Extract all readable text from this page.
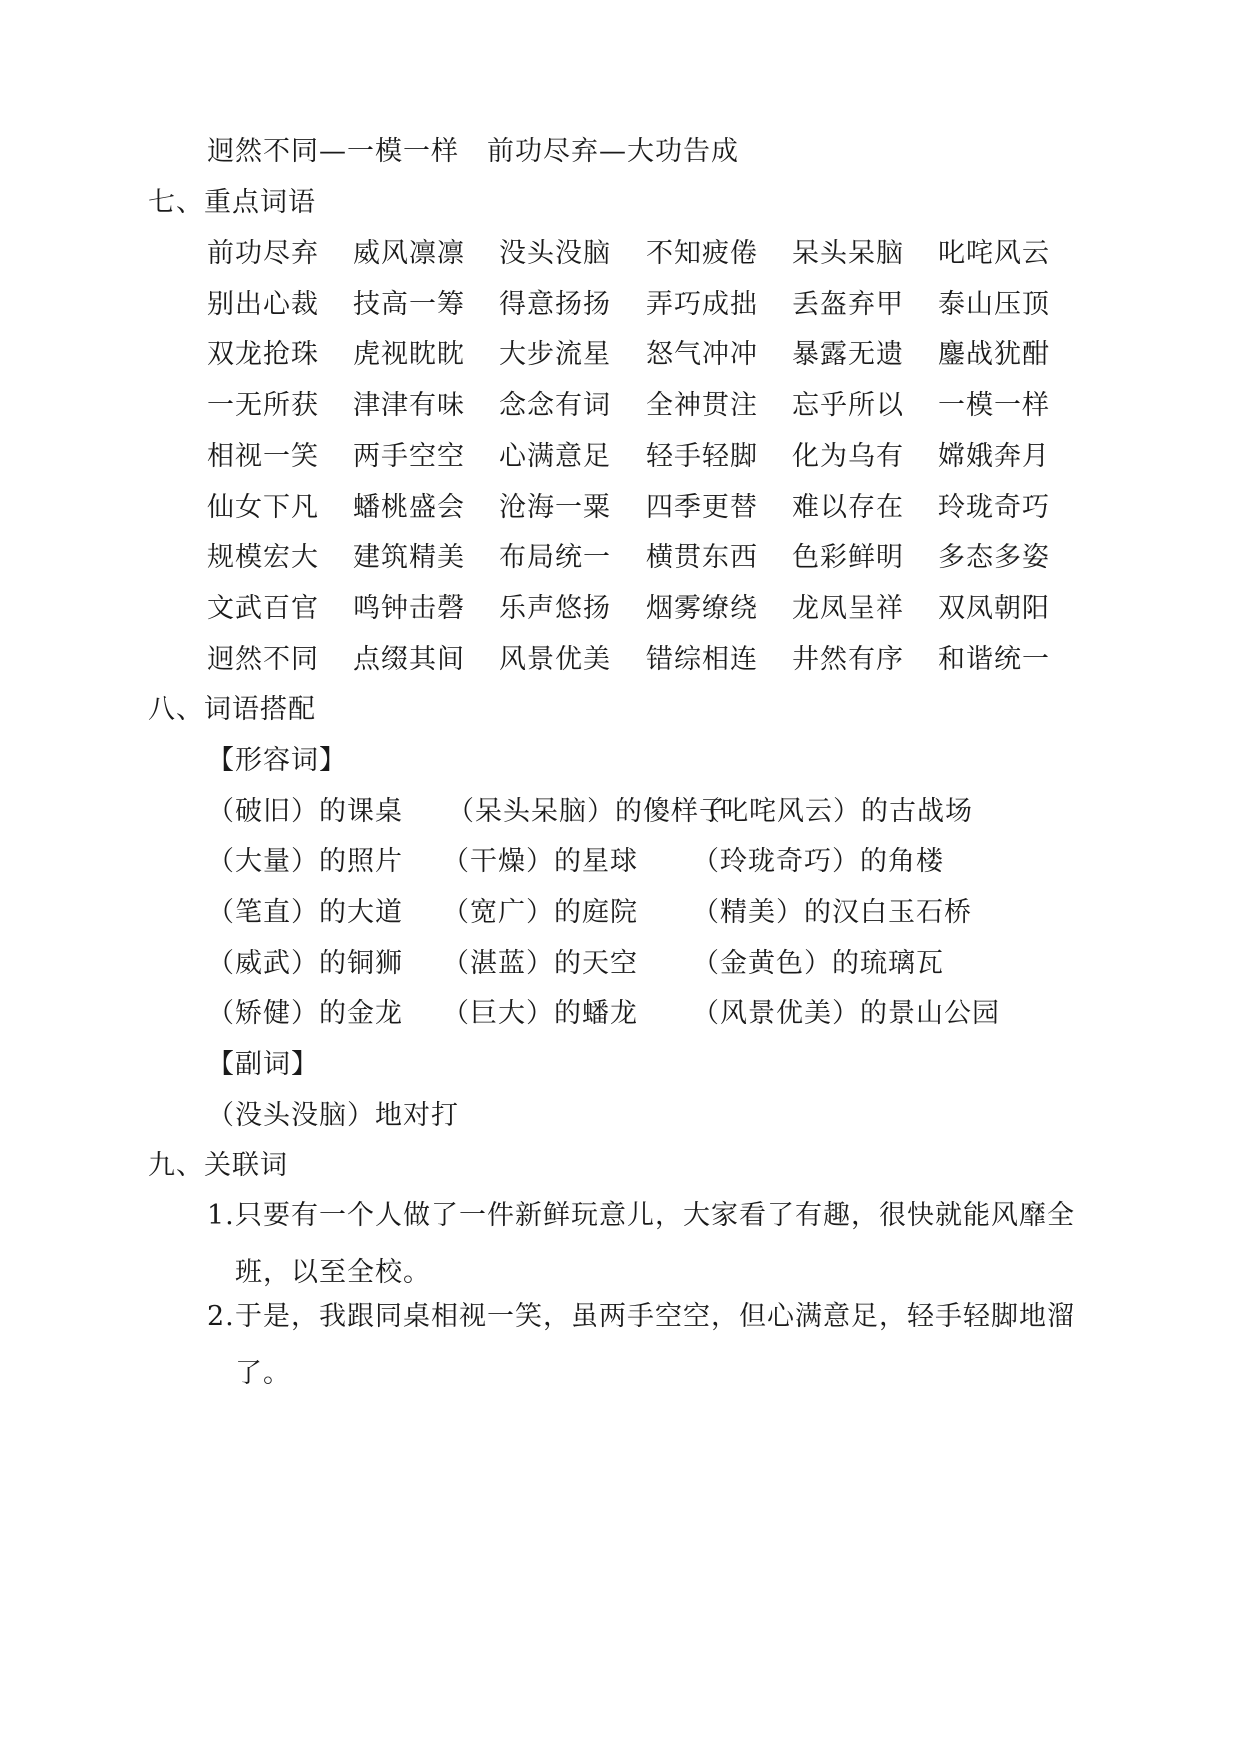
迥然不同—一模一样　前功尽弃—大功告成
七、重点词语
前功尽弃 威风凛凛 没头没脑 不知疲倦 呆头呆脑 叱咤风云
别出心裁 技高一筹 得意扬扬 弄巧成拙 丢盔弃甲 泰山压顶
双龙抢珠 虎视眈眈 大步流星 怒气冲冲 暴露无遗 鏖战犹酣
一无所获 津津有味 念念有词 全神贯注 忘乎所以 一模一样
相视一笑 两手空空 心满意足 轻手轻脚 化为乌有 嫦娥奔月
仙女下凡 蟠桃盛会 沧海一粟 四季更替 难以存在 玲珑奇巧
规模宏大 建筑精美 布局统一 横贯东西 色彩鲜明 多态多姿
文武百官 鸣钟击磬 乐声悠扬 烟雾缭绕 龙凤呈祥 双凤朝阳
迥然不同 点缀其间 风景优美 错综相连 井然有序 和谐统一
八、词语搭配
【形容词】
（破旧）的课桌 （呆头呆脑）的傻样子
（叱咤风云）的古战场
（大量）的照片 （干燥）的星球 （玲珑奇巧）的角楼
（笔直）的大道 （宽广）的庭院 （精美）的汉白玉石桥
（威武）的铜狮 （湛蓝）的天空 （金黄色）的琉璃瓦
（矫健）的金龙 （巨大）的蟠龙 （风景优美）的景山公园
【副词】
（没头没脑）地对打
九、关联词
1. 只要有一个人做了一件新鲜玩意儿，大家看了有趣，很快就能风靡全班，以至全校。
2. 于是，我跟同桌相视一笑，虽两手空空，但心满意足，轻手轻脚地溜了。
